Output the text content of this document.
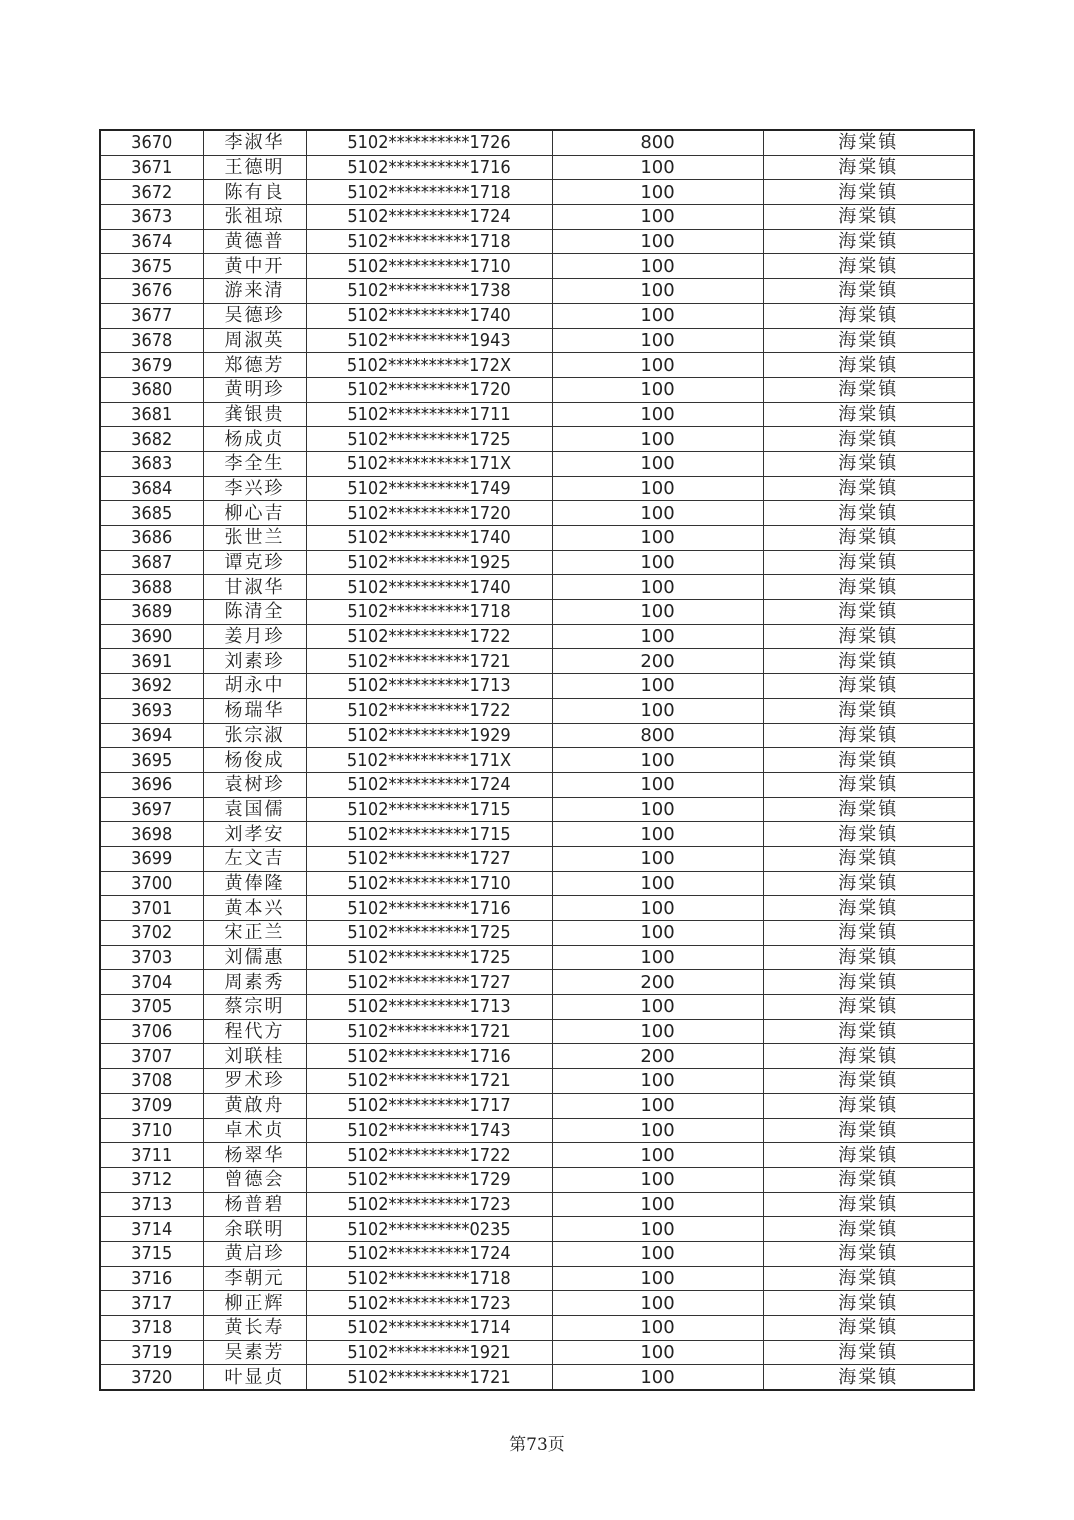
3670	李淑华	5102**********1726	800	海棠镇
3671	王德明	5102**********1716	100	海棠镇
3672	陈有良	5102**********1718	100	海棠镇
3673	张祖琼	5102**********1724	100	海棠镇
3674	黄德普	5102**********1718	100	海棠镇
3675	黄中开	5102**********1710	100	海棠镇
3676	游来清	5102**********1738	100	海棠镇
3677	吴德珍	5102**********1740	100	海棠镇
3678	周淑英	5102**********1943	100	海棠镇
3679	郑德芳	5102**********172X	100	海棠镇
3680	黄明珍	5102**********1720	100	海棠镇
3681	龚银贵	5102**********1711	100	海棠镇
3682	杨成贞	5102**********1725	100	海棠镇
3683	李全生	5102**********171X	100	海棠镇
3684	李兴珍	5102**********1749	100	海棠镇
3685	柳心吉	5102**********1720	100	海棠镇
3686	张世兰	5102**********1740	100	海棠镇
3687	谭克珍	5102**********1925	100	海棠镇
3688	甘淑华	5102**********1740	100	海棠镇
3689	陈清全	5102**********1718	100	海棠镇
3690	姜月珍	5102**********1722	100	海棠镇
3691	刘素珍	5102**********1721	200	海棠镇
3692	胡永中	5102**********1713	100	海棠镇
3693	杨瑞华	5102**********1722	100	海棠镇
3694	张宗淑	5102**********1929	800	海棠镇
3695	杨俊成	5102**********171X	100	海棠镇
3696	袁树珍	5102**********1724	100	海棠镇
3697	袁国儒	5102**********1715	100	海棠镇
3698	刘孝安	5102**********1715	100	海棠镇
3699	左文吉	5102**********1727	100	海棠镇
3700	黄俸隆	5102**********1710	100	海棠镇
3701	黄本兴	5102**********1716	100	海棠镇
3702	宋正兰	5102**********1725	100	海棠镇
3703	刘儒惠	5102**********1725	100	海棠镇
3704	周素秀	5102**********1727	200	海棠镇
3705	蔡宗明	5102**********1713	100	海棠镇
3706	程代方	5102**********1721	100	海棠镇
3707	刘联桂	5102**********1716	200	海棠镇
3708	罗术珍	5102**********1721	100	海棠镇
3709	黄啟舟	5102**********1717	100	海棠镇
3710	卓术贞	5102**********1743	100	海棠镇
3711	杨翠华	5102**********1722	100	海棠镇
3712	曾德会	5102**********1729	100	海棠镇
3713	杨普碧	5102**********1723	100	海棠镇
3714	余联明	5102**********0235	100	海棠镇
3715	黄启珍	5102**********1724	100	海棠镇
3716	李朝元	5102**********1718	100	海棠镇
3717	柳正辉	5102**********1723	100	海棠镇
3718	黄长寿	5102**********1714	100	海棠镇
3719	吴素芳	5102**********1921	100	海棠镇
3720	叶显贞	5102**********1721	100	海棠镇
第73页
